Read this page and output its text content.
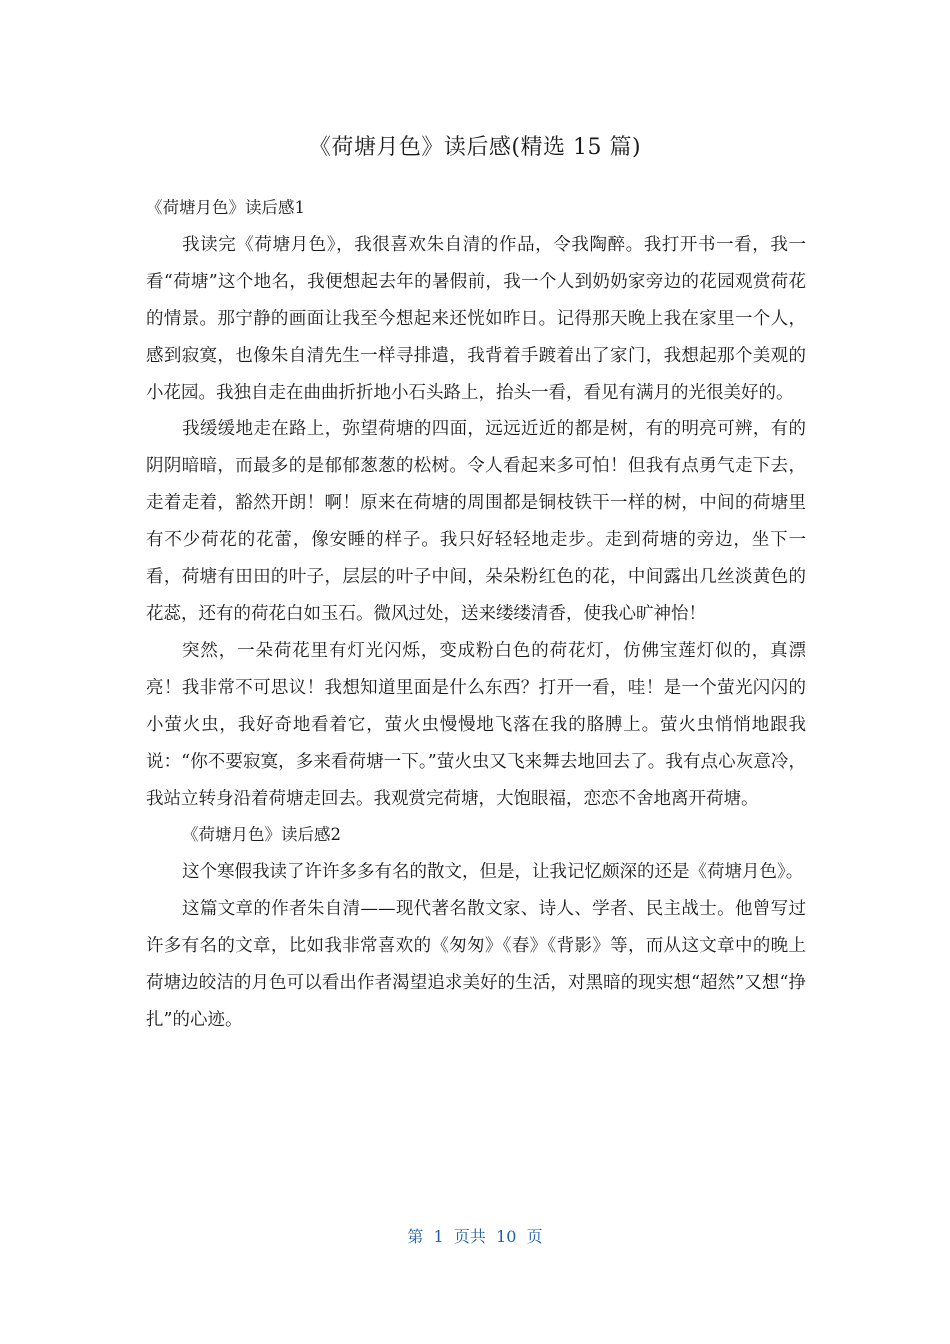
《荷塘月色》读后感(精选 15 篇)

《荷塘月色》读后感1

我读完《荷塘月色》，我很喜欢朱自清的作品，令我陶醉。我打开书一看，我一看“荷塘”这个地名，我便想起去年的暑假前，我一个人到奶奶家旁边的花园观赏荷花的情景。那宁静的画面让我至今想起来还恍如昨日。记得那天晚上我在家里一个人，感到寂寞，也像朱自清先生一样寻排遣，我背着手踱着出了家门，我想起那个美观的小花园。我独自走在曲曲折折地小石头路上，抬头一看，看见有满月的光很美好的。

我缓缓地走在路上，弥望荷塘的四面，远远近近的都是树，有的明亮可辨，有的阴阴暗暗，而最多的是郁郁葱葱的松树。令人看起来多可怕！但我有点勇气走下去，走着走着，豁然开朗！啊！原来在荷塘的周围都是铜枝铁干一样的树，中间的荷塘里有不少荷花的花蕾，像安睡的样子。我只好轻轻地走步。走到荷塘的旁边，坐下一看，荷塘有田田的叶子，层层的叶子中间，朵朵粉红色的花，中间露出几丝淡黄色的花蕊，还有的荷花白如玉石。微风过处，送来缕缕清香，使我心旷神怡！

突然，一朵荷花里有灯光闪烁，变成粉白色的荷花灯，仿佛宝莲灯似的，真漂亮！我非常不可思议！我想知道里面是什么东西？打开一看，哇！是一个萤光闪闪的小萤火虫，我好奇地看着它，萤火虫慢慢地飞落在我的胳膊上。萤火虫悄悄地跟我说：“你不要寂寞，多来看荷塘一下。”萤火虫又飞来舞去地回去了。我有点心灰意冷，我站立转身沿着荷塘走回去。我观赏完荷塘，大饱眼福，恋恋不舍地离开荷塘。

《荷塘月色》读后感2

这个寒假我读了许许多多有名的散文，但是，让我记忆颇深的还是《荷塘月色》。

这篇文章的作者朱自清——现代著名散文家、诗人、学者、民主战士。他曾写过许多有名的文章，比如我非常喜欢的《匆匆》《春》《背影》等，而从这文章中的晚上荷塘边皎洁的月色可以看出作者渴望追求美好的生活，对黑暗的现实想“超然”又想“挣扎”的心迹。

第  1  页共  10  页
